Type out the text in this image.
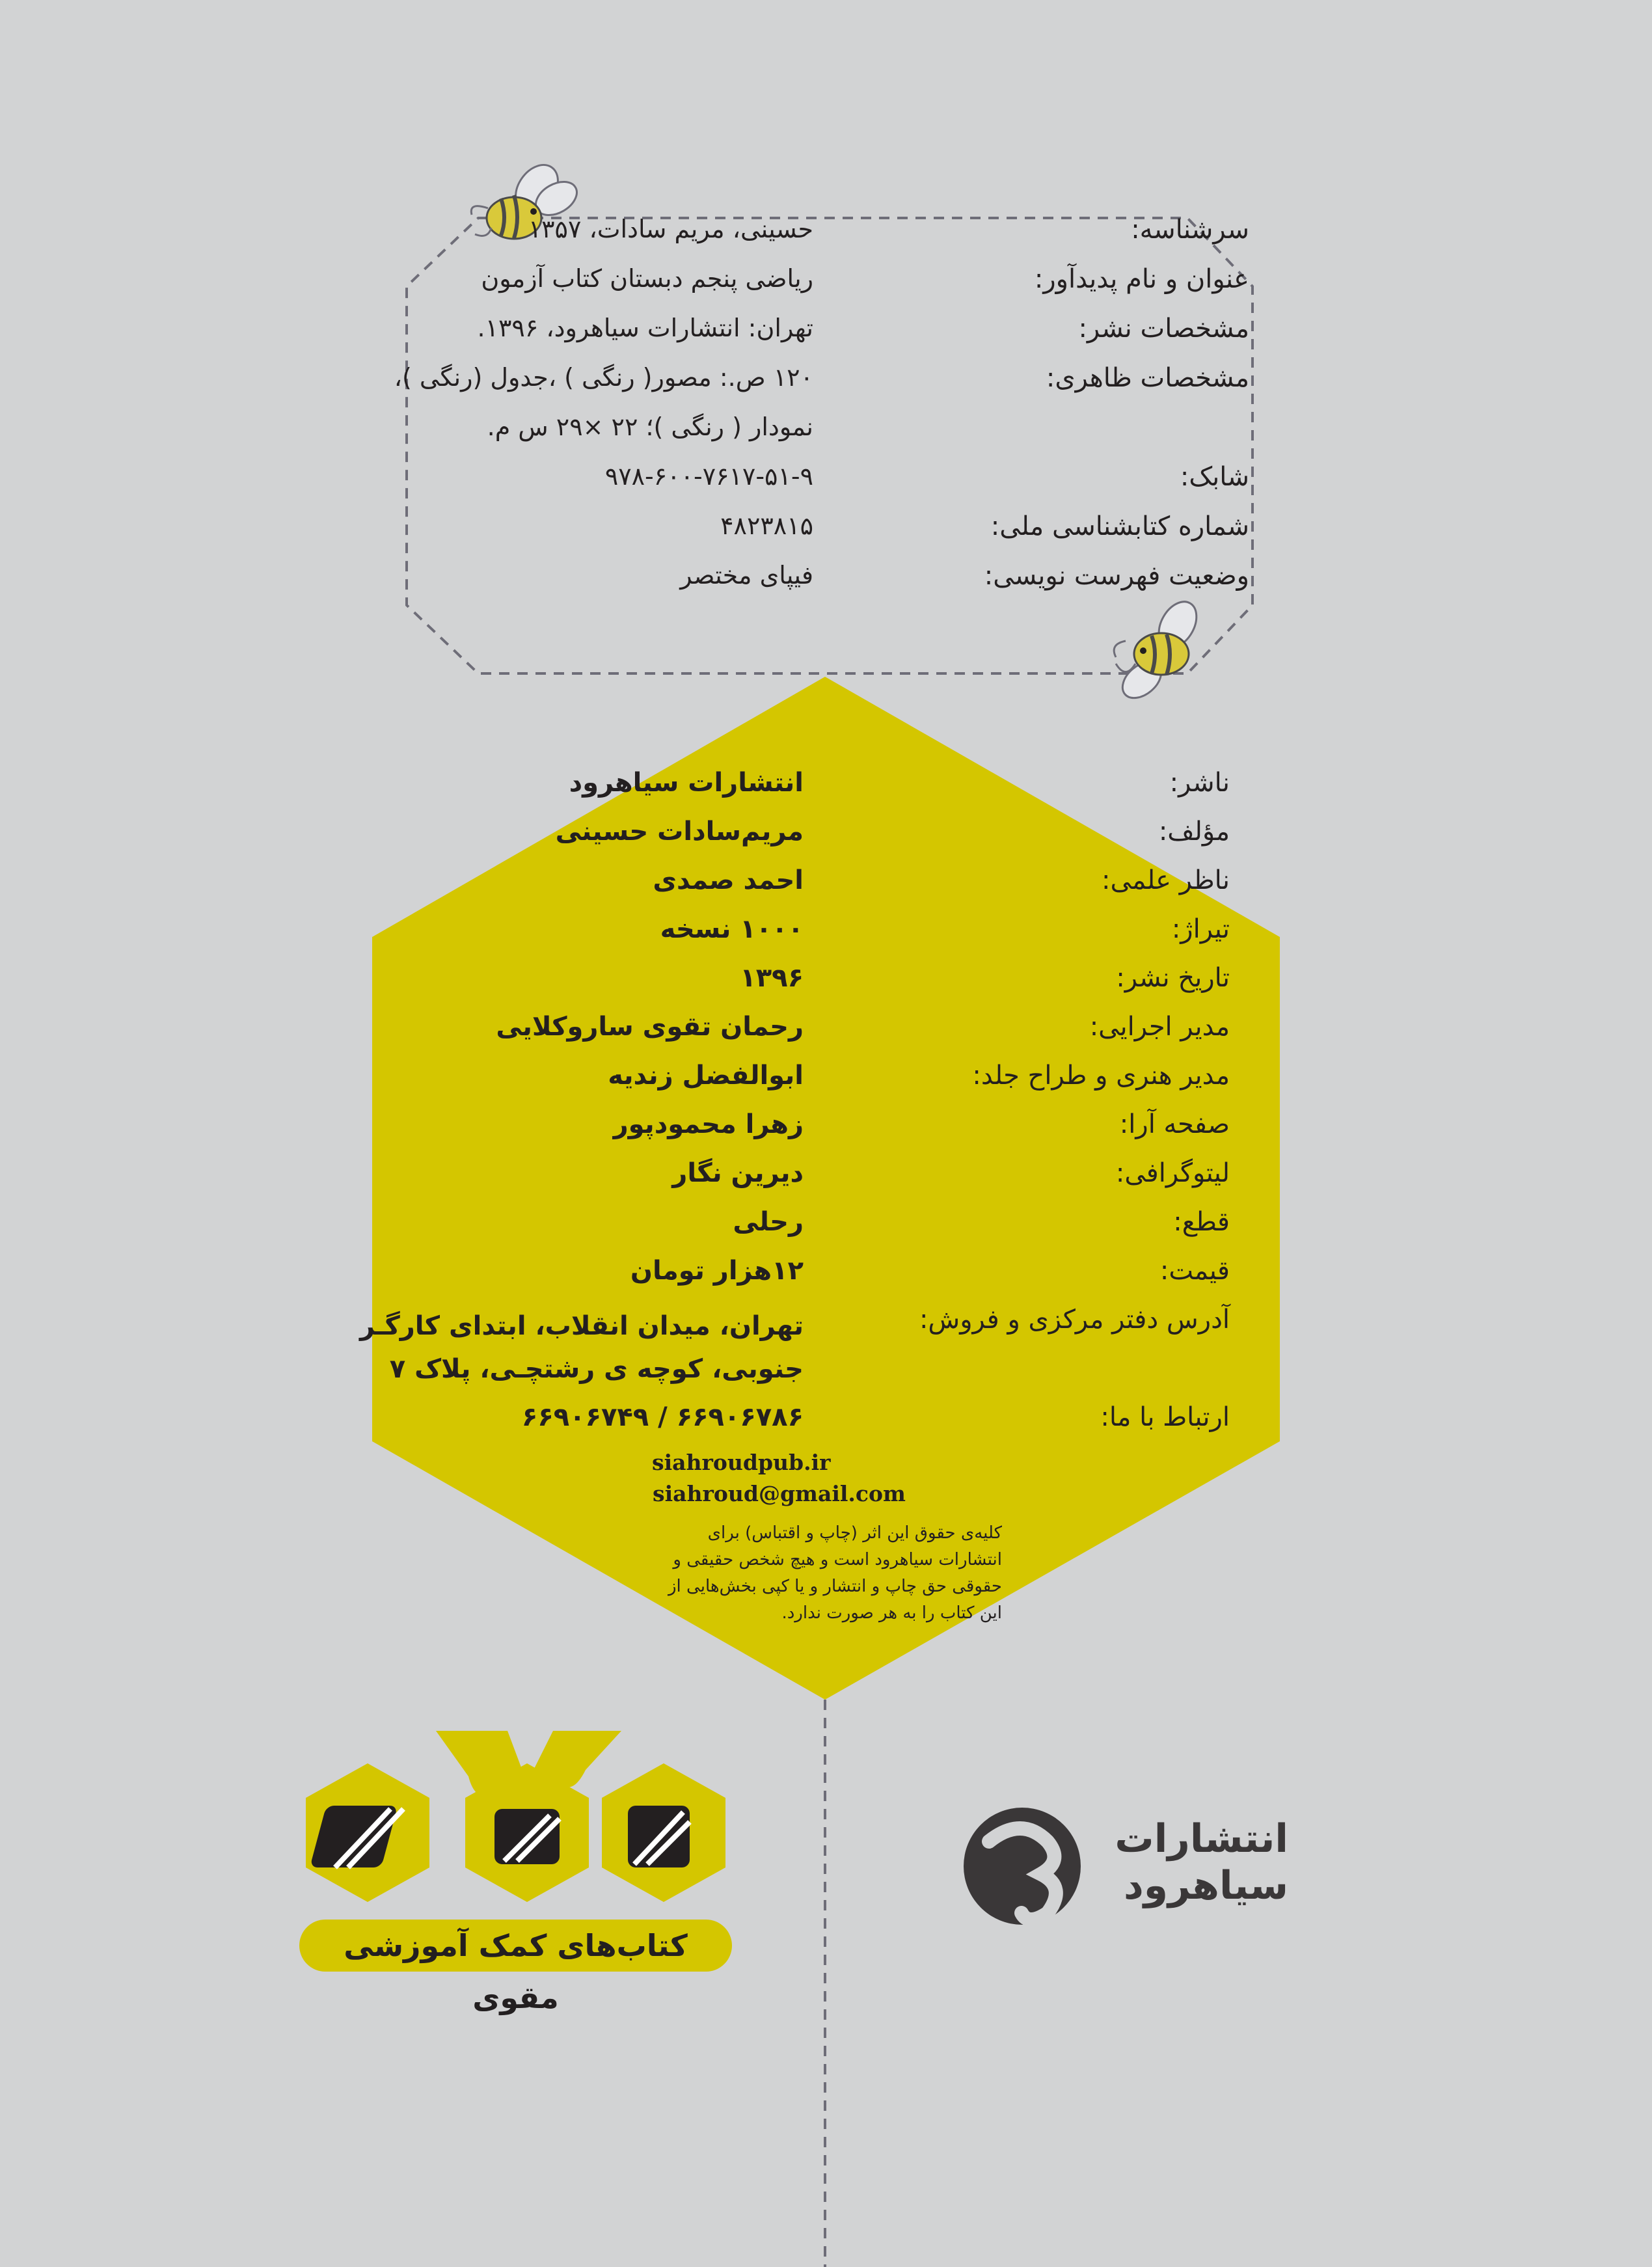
سرشناسه:
حسینی، مریم سادات، ۱۳۵۷
عنوان و نام پدیدآور:
ریاضی پنجم دبستان کتاب آزمون
مشخصات نشر:
تهران: انتشارات سیاهرود، ۱۳۹۶.
مشخصات ظاهری:
۱۲۰ ص.: مصور( رنگی ) ،جدول (رنگی )،
نمودار ( رنگی )؛ ۲۲ ×۲۹ س م.
شابک:
۹۷۸-۶۰۰-۷۶۱۷-۵۱-۹
شماره کتابشناسی ملی:
۴۸۲۳۸۱۵
وضعیت فهرست نویسی:
فیپای مختصر
ناشر:
انتشارات سیاهرود
مؤلف:
مریم‌سادات حسینی
ناظر علمی:
احمد صمدی
تیراژ:
۱۰۰۰ نسخه
تاریخ نشر:
۱۳۹۶
مدیر اجرایی:
رحمان تقوی ساروکلایی
مدیر هنری و طراح جلد:
ابوالفضل زندیه
صفحه آرا:
زهرا محمودپور
لیتوگرافی:
دیرین نگار
قطع:
رحلی
قیمت:
۱۲هزار تومان
آدرس دفتر مرکزی و فروش:
تهران، میدان انقلاب، ابتدای کارگـر
جنوبی، کوچه ی رشتچـی، پلاک ۷
ارتباط با ما:
۶۶۹۰۶۷۸۶ / ۶۶۹۰۶۷۴۹
siahroudpub.ir
siahroud@gmail.com
کلیه‌ی حقوق این اثر (چاپ و اقتباس) برای
انتشارات سیاهرود است و هیچ شخص حقیقی و
حقوقی حق چاپ و انتشار و یا کپی بخش‌هایی از
این کتاب را به هر صورت ندارد.
کتاب‌های کمک آموزشی مقوی
انتشارات
سیاهرود
